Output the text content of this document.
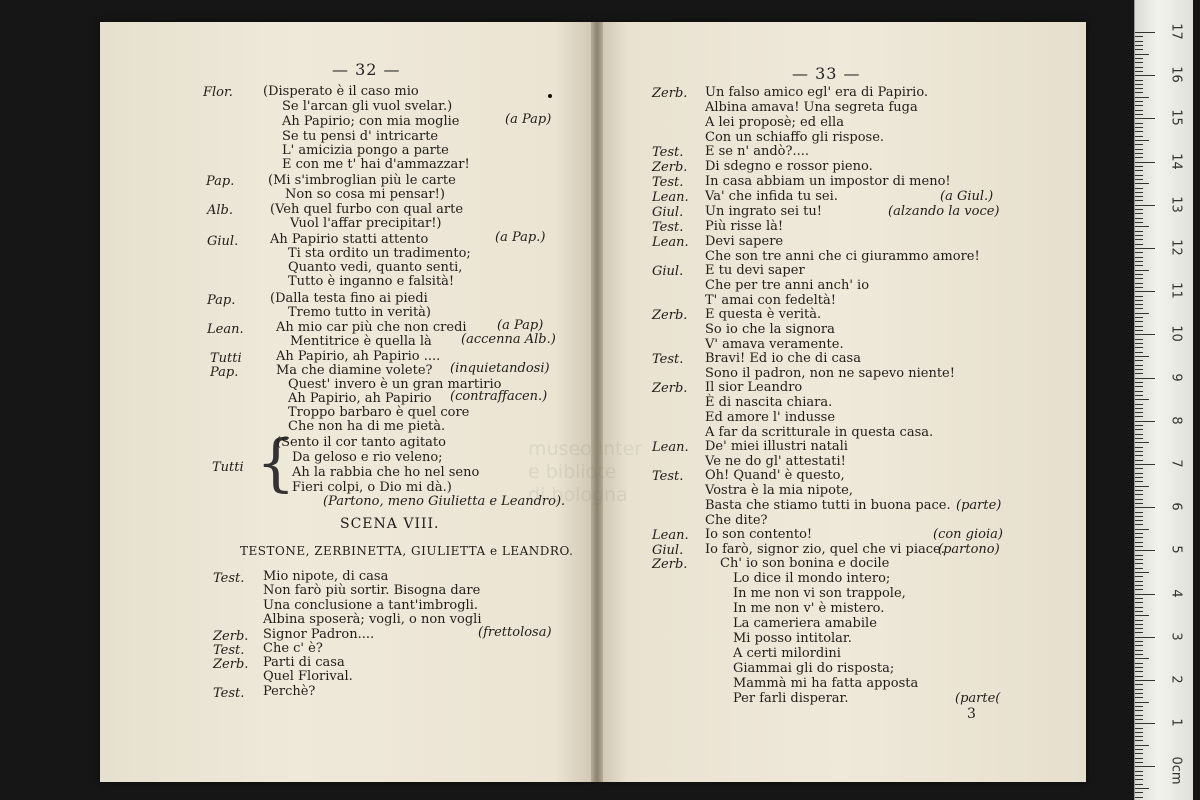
— 32 —
Flor. (Disperato è il caso mio
Se l'arcan gli vuol svelar.)
Ah Papirio; con mia moglie	(a Pap)
Se tu pensi d' intricarte
L' amicizia pongo a parte
E con me t' hai d'ammazzar!
Pap.	(Mi s'imbroglian più le carte
Non so cosa mi pensar!)
Alb.	(Veh quel furbo con qual arte
Vuol l'affar precipitar!)
Giul. Ah Papirio statti attento	(a Pap.)
Ti sta ordito un tradimento;
Quanto vedi, quanto senti,
Tutto è inganno e falsità!
Pap.	(Dalla testa fino ai piedi
Tremo tutto in verità)
Lean. Ah mio car più che non credi (a Pap)
Mentitrice è quella là (accenna Alb.)
Tutti	Ah Papirio, ah Papirio ....
Pap.	Ma che diamine volete? (inquietandosi)
Quest' invero è un gran martirio
Ah Papirio, ah Papirio (contraffacen.)
Troppo barbaro è quel core
Che non ha di me pietà.
{
Tutti
(Sento il cor tanto agitato
Da geloso e rio veleno;
Ah la rabbia che ho nel seno
Fieri colpi, o Dio mi dà.)
(Partono, meno Giulietta e Leandro).
SCENA VIII.
TESTONE, ZERBINETTA, GIULIETTA e LEANDRO.
Test. Mio nipote, di casa
Non farò più sortir. Bisogna dare
Una conclusione a tant'imbrogli.
Albina sposerà; vogli, o non vogli
Zerb. Signor Padron....	(frettolosa)
Test. Che c' è?
Zerb. Parti di casa
Quel Florival.
Test. Perchè?
— 33 —
Zerb. Un falso amico egl' era di Papirio.
Albina amava! Una segreta fuga
A lei proposè; ed ella
Con un schiaffo gli rispose.
Test. E se n' andò?....
Zerb. Di sdegno e rossor pieno.
Test. In casa abbiam un impostor di meno!
Lean. Va' che infida tu sei.	(a Giul.)
Giul. Un ingrato sei tu!	(alzando la voce)
Test. Più risse là!
Lean. Devi sapere
Che son tre anni che ci giurammo amore!
Giul. E tu devi saper
Che per tre anni anch' io
T' amai con fedeltà!
Zerb. E questa è verità.
So io che la signora
V' amava veramente.
Test. Bravi! Ed io che di casa
Sono il padron, non ne sapevo niente!
Zerb. Il sior Leandro
È di nascita chiara.
Ed amore l' indusse
A far da scritturale in questa casa.
Lean. De' miei illustri natali
Ve ne do gl' attestati!
Test. Oh! Quand' è questo,
Vostra è la mia nipote,
Basta che stiamo tutti in buona pace. (parte)
Che dite?
Lean. Io son contento!	(con gioia)
Giul. Io farò, signor zio, quel che vi piace.
(partono)
Zerb.	Ch' io son bonina e docile
Lo dice il mondo intero;
In me non vi son trappole,
In me non v' è mistero.
La cameriera amabile
Mi posso intitolar.
A certi milordini
Giammai gli do risposta;
Mammà mi ha fatta apposta
Per farli disperar.	(parte(
3
museo inter
e bibliote
di bologna
17
16
15
14
13
12
11
10
9
8
7
6
5
4
3
2
1
0cm
